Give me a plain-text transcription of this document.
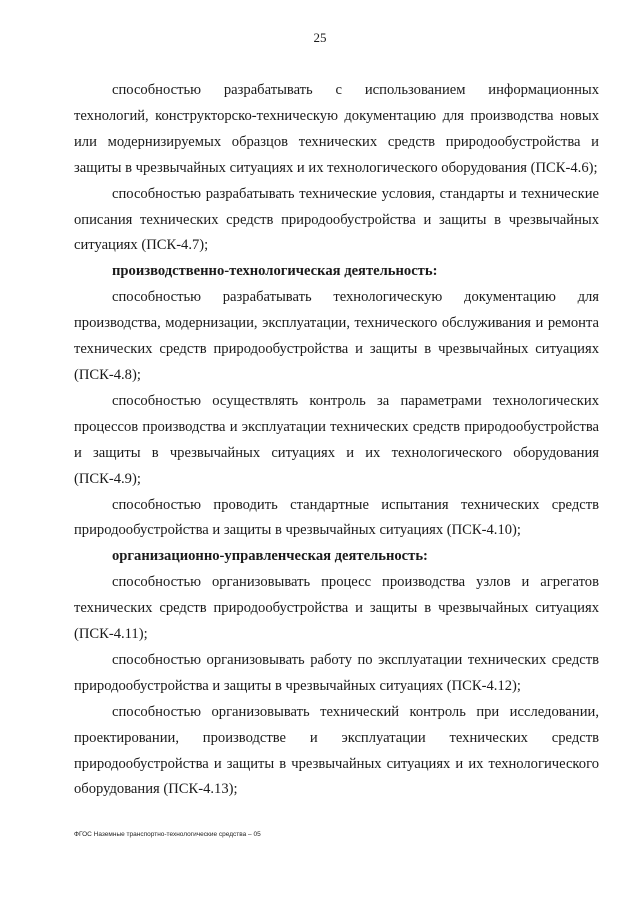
25

способностью разрабатывать с использованием информационных технологий, конструкторско-техническую документацию для производства новых или модернизируемых образцов технических средств природообустройства и защиты в чрезвычайных ситуациях и их технологического оборудования (ПСК-4.6);

способностью разрабатывать технические условия, стандарты и технические описания технических средств природообустройства и защиты в чрезвычайных ситуациях (ПСК-4.7);

производственно-технологическая деятельность:

способностью разрабатывать технологическую документацию для производства, модернизации, эксплуатации, технического обслуживания и ремонта технических средств природообустройства и защиты в чрезвычайных ситуациях (ПСК-4.8);

способностью осуществлять контроль за параметрами технологических процессов производства и эксплуатации технических средств природообустройства и защиты в чрезвычайных ситуациях и их технологического оборудования (ПСК-4.9);

способностью проводить стандартные испытания технических средств природообустройства и защиты в чрезвычайных ситуациях (ПСК-4.10);

организационно-управленческая деятельность:

способностью организовывать процесс производства узлов и агрегатов технических средств природообустройства и защиты в чрезвычайных ситуациях (ПСК-4.11);

способностью организовывать работу по эксплуатации технических средств природообустройства и защиты в чрезвычайных ситуациях (ПСК-4.12);

способностью организовывать технический контроль при исследовании, проектировании, производстве и эксплуатации технических средств природообустройства и защиты в чрезвычайных ситуациях и их технологического оборудования (ПСК-4.13);

ФГОС Наземные транспортно-технологические средства – 05
